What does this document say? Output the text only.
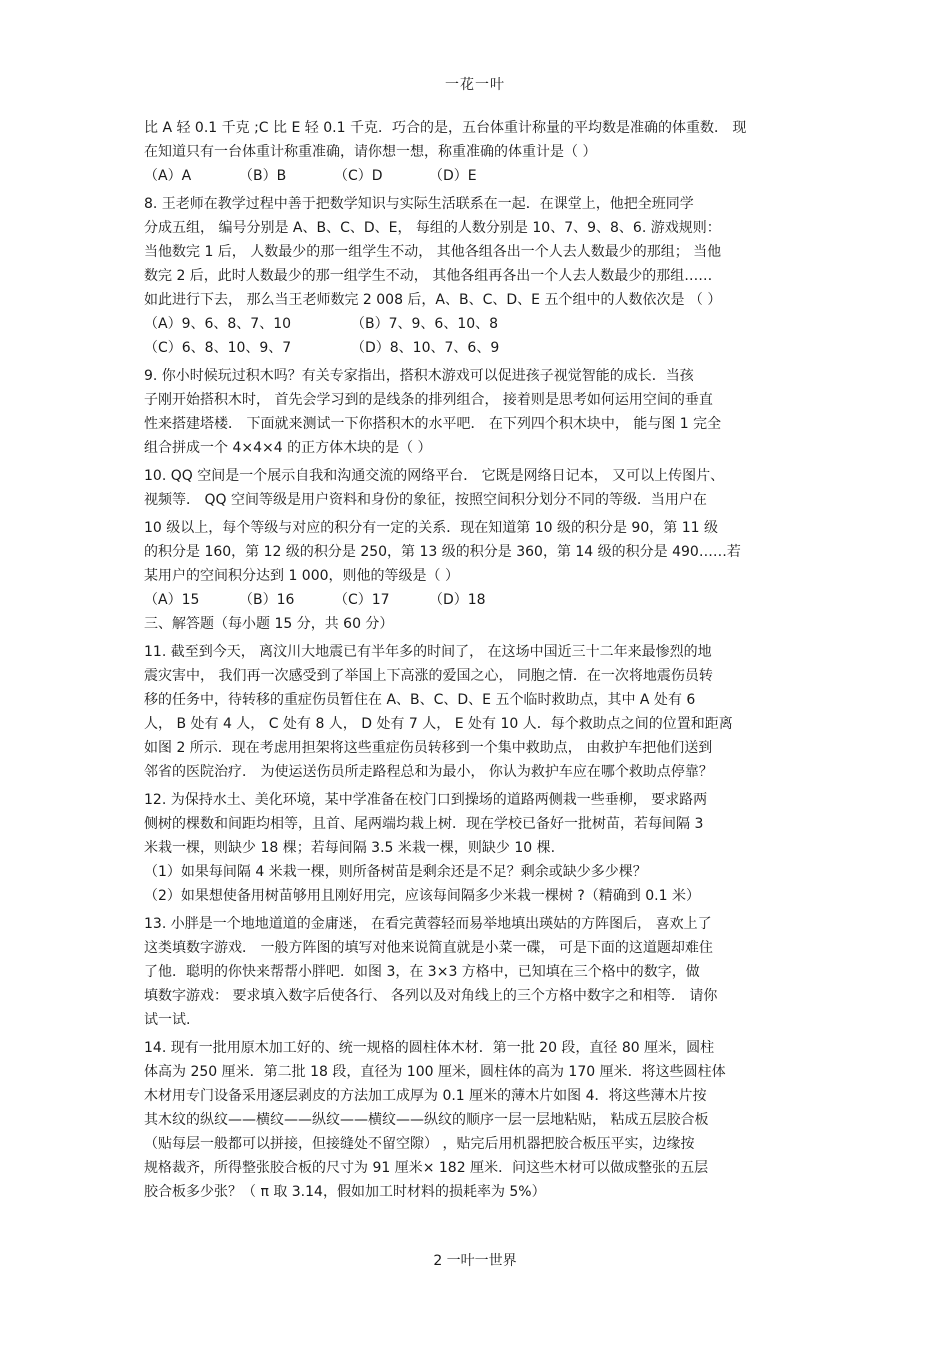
一花一叶
比 A 轻 0.1 千克 ;C 比 E 轻 0.1 千克．巧合的是，五台体重计称量的平均数是准确的体重数． 现
在知道只有一台体重计称重准确，请你想一想，称重准确的体重计是（ ）
（A）A	（B）B	（C）D	（D）E
8. 王老师在教学过程中善于把数学知识与实际生活联系在一起．在课堂上，他把全班同学
分成五组， 编号分别是 A、B、C、D、E， 每组的人数分别是 10、7、9、8、6. 游戏规则：
当他数完 1 后， 人数最少的那一组学生不动， 其他各组各出一个人去人数最少的那组； 当他
数完 2 后，此时人数最少的那一组学生不动， 其他各组再各出一个人去人数最少的那组……
如此进行下去， 那么当王老师数完 2 008 后，A、B、C、D、E 五个组中的人数依次是 （ ）
（A）9、6、8、7、10	（B）7、9、6、10、8
（C）6、8、10、9、7	（D）8、10、7、6、9
9. 你小时候玩过积木吗？有关专家指出，搭积木游戏可以促进孩子视觉智能的成长．当孩
子刚开始搭积木时， 首先会学习到的是线条的排列组合， 接着则是思考如何运用空间的垂直
性来搭建塔楼． 下面就来测试一下你搭积木的水平吧． 在下列四个积木块中， 能与图 1 完全
组合拼成一个 4×4×4 的正方体木块的是（ ）
10. QQ 空间是一个展示自我和沟通交流的网络平台． 它既是网络日记本， 又可以上传图片、
视频等． QQ 空间等级是用户资料和身份的象征，按照空间积分划分不同的等级．当用户在
10 级以上，每个等级与对应的积分有一定的关系．现在知道第 10 级的积分是 90，第 11 级
的积分是 160，第 12 级的积分是 250，第 13 级的积分是 360，第 14 级的积分是 490……若
某用户的空间积分达到 1 000，则他的等级是（ ）
（A）15	（B）16	（C）17	（D）18
三、解答题（每小题 15 分，共 60 分）
11. 截至到今天， 离汶川大地震已有半年多的时间了， 在这场中国近三十二年来最惨烈的地
震灾害中， 我们再一次感受到了举国上下高涨的爱国之心， 同胞之情．在一次将地震伤员转
移的任务中，待转移的重症伤员暂住在 A、B、C、D、E 五个临时救助点，其中 A 处有 6
人， B 处有 4 人， C 处有 8 人， D 处有 7 人， E 处有 10 人．每个救助点之间的位置和距离
如图 2 所示．现在考虑用担架将这些重症伤员转移到一个集中救助点， 由救护车把他们送到
邻省的医院治疗． 为使运送伤员所走路程总和为最小， 你认为救护车应在哪个救助点停靠？
12. 为保持水土、美化环境，某中学准备在校门口到操场的道路两侧栽一些垂柳， 要求路两
侧树的棵数和间距均相等，且首、尾两端均栽上树．现在学校已备好一批树苗，若每间隔 3
米栽一棵，则缺少 18 棵；若每间隔 3.5 米栽一棵，则缺少 10 棵.
（1）如果每间隔 4 米栽一棵，则所备树苗是剩余还是不足？剩余或缺少多少棵？
（2）如果想使备用树苗够用且刚好用完，应该每间隔多少米栽一棵树 ?（精确到 0.1 米）
13. 小胖是一个地地道道的金庸迷， 在看完黄蓉轻而易举地填出瑛姑的方阵图后， 喜欢上了
这类填数字游戏． 一般方阵图的填写对他来说简直就是小菜一碟， 可是下面的这道题却难住
了他．聪明的你快来帮帮小胖吧．如图 3，在 3×3 方格中，已知填在三个格中的数字，做
填数字游戏： 要求填入数字后使各行、 各列以及对角线上的三个方格中数字之和相等． 请你
试一试.
14. 现有一批用原木加工好的、统一规格的圆柱体木材．第一批 20 段，直径 80 厘米，圆柱
体高为 250 厘米．第二批 18 段，直径为 100 厘米，圆柱体的高为 170 厘米．将这些圆柱体
木材用专门设备采用逐层剥皮的方法加工成厚为 0.1 厘米的薄木片如图 4．将这些薄木片按
其木纹的纵纹——横纹——纵纹——横纹——纵纹的顺序一层一层地粘贴， 粘成五层胶合板
（贴每层一般都可以拼接，但接缝处不留空隙） ，贴完后用机器把胶合板压平实，边缘按
规格裁齐，所得整张胶合板的尺寸为 91 厘米× 182 厘米．问这些木材可以做成整张的五层
胶合板多少张？（ π 取 3.14，假如加工时材料的损耗率为 5%）
2 一叶一世界
